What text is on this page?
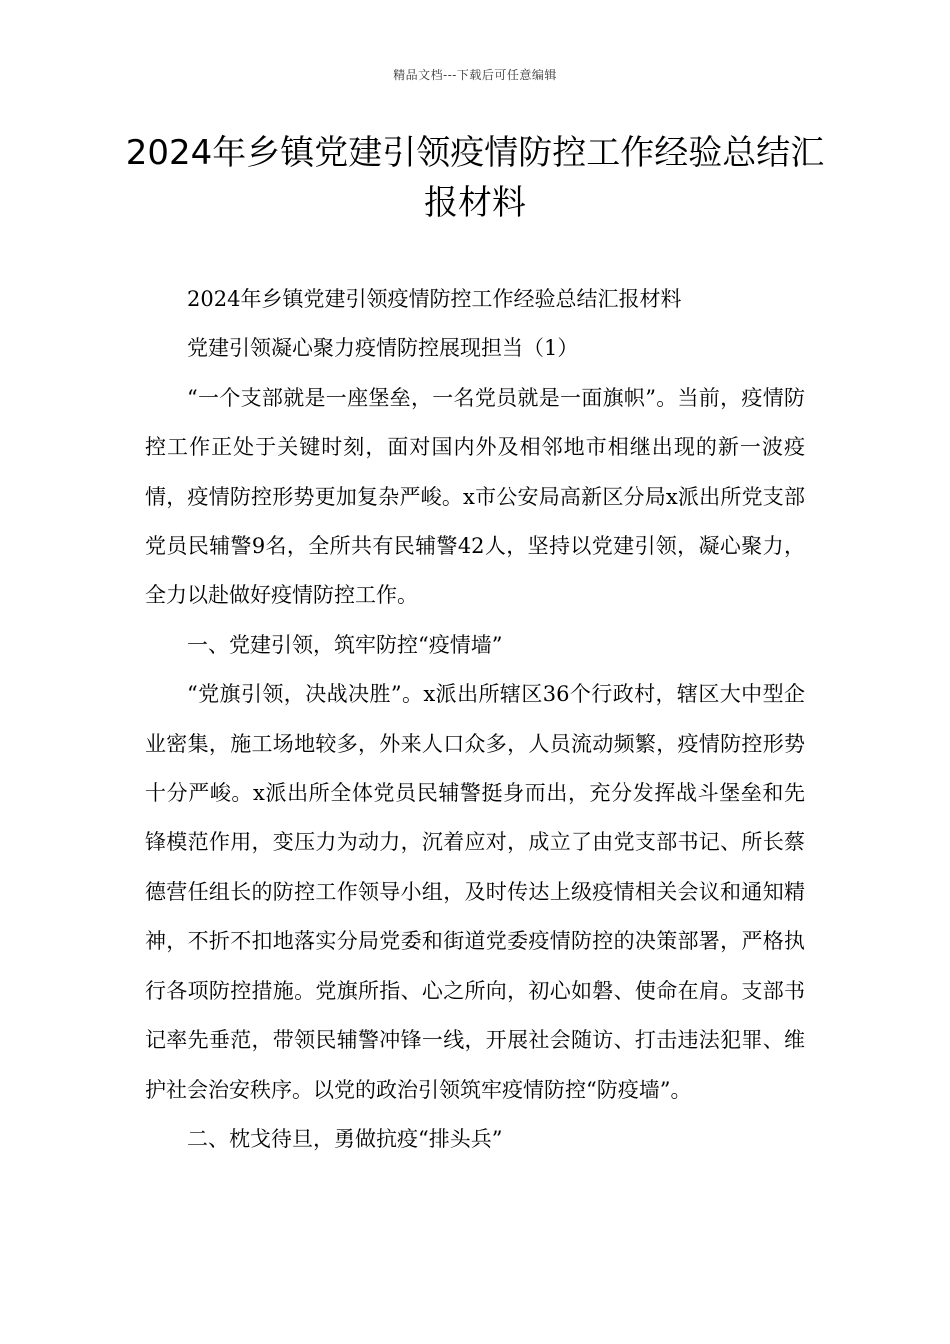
精品文档---下载后可任意编辑
2024年乡镇党建引领疫情防控工作经验总结汇报材料

2024年乡镇党建引领疫情防控工作经验总结汇报材料

党建引领凝心聚力疫情防控展现担当（1）

“一个支部就是一座堡垒，一名党员就是一面旗帜”。当前，疫情防控工作正处于关键时刻，面对国内外及相邻地市相继出现的新一波疫情，疫情防控形势更加复杂严峻。x市公安局高新区分局x派出所党支部党员民辅警9名，全所共有民辅警42人，坚持以党建引领，凝心聚力，全力以赴做好疫情防控工作。

一、党建引领，筑牢防控“疫情墙”

“党旗引领，决战决胜”。x派出所辖区36个行政村，辖区大中型企业密集，施工场地较多，外来人口众多，人员流动频繁，疫情防控形势十分严峻。x派出所全体党员民辅警挺身而出，充分发挥战斗堡垒和先锋模范作用，变压力为动力，沉着应对，成立了由党支部书记、所长蔡德营任组长的防控工作领导小组，及时传达上级疫情相关会议和通知精神，不折不扣地落实分局党委和街道党委疫情防控的决策部署，严格执行各项防控措施。党旗所指、心之所向，初心如磐、使命在肩。支部书记率先垂范，带领民辅警冲锋一线，开展社会随访、打击违法犯罪、维护社会治安秩序。以党的政治引领筑牢疫情防控“防疫墙”。

二、枕戈待旦，勇做抗疫“排头兵”
